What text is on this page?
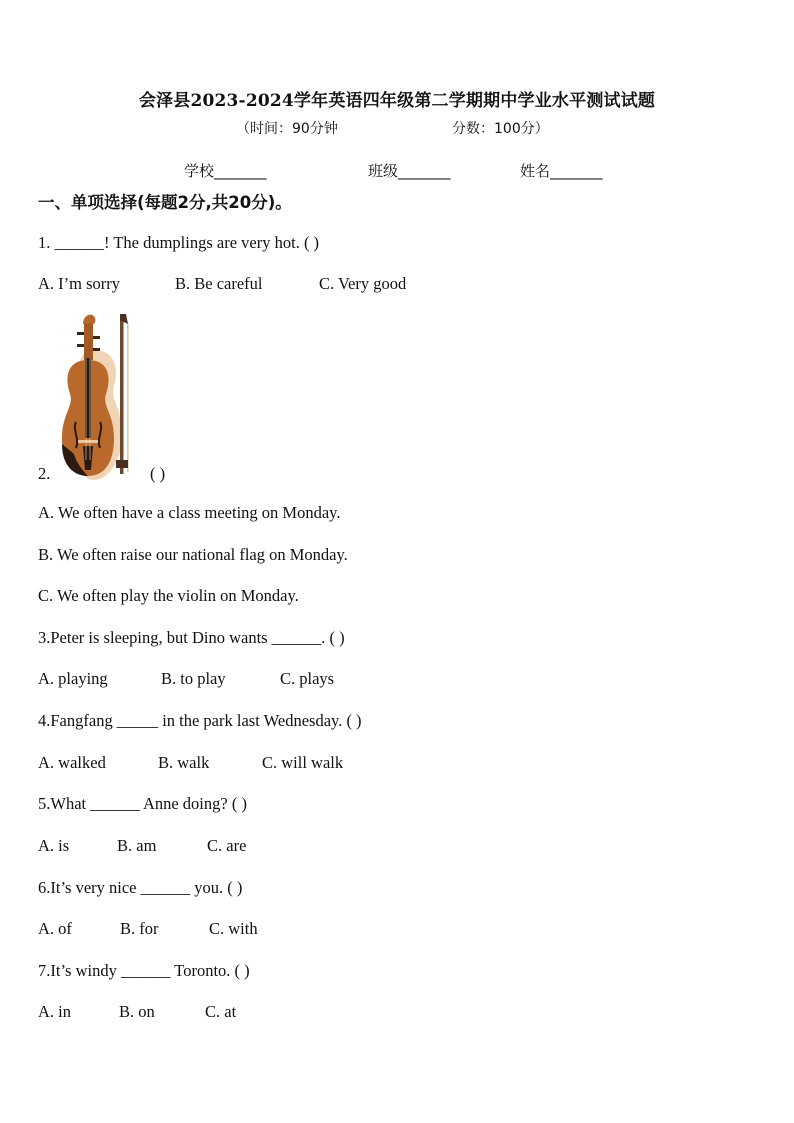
会泽县2023-2024学年英语四年级第二学期期中学业水平测试试题
（时间：90分钟	分数：100分）
学校_______	班级_______	姓名_______
一、单项选择(每题2分,共20分)。
1. ______! The dumplings are very hot. ( )
A. I’m sorry	B. Be careful	C. Very good
2.	( )
A. We often have a class meeting on Monday.
B. We often raise our national flag on Monday.
C. We often play the violin on Monday.
3.Peter is sleeping, but Dino wants ______. ( )
A. playing	B. to play	C. plays
4.Fangfang _____ in the park last Wednesday. ( )
A. walked	B. walk	C. will walk
5.What ______ Anne doing? ( )
A. is	B. am	C. are
6.It’s very nice ______ you. ( )
A. of	B. for	C. with
7.It’s windy ______ Toronto. ( )
A. in	B. on	C. at
